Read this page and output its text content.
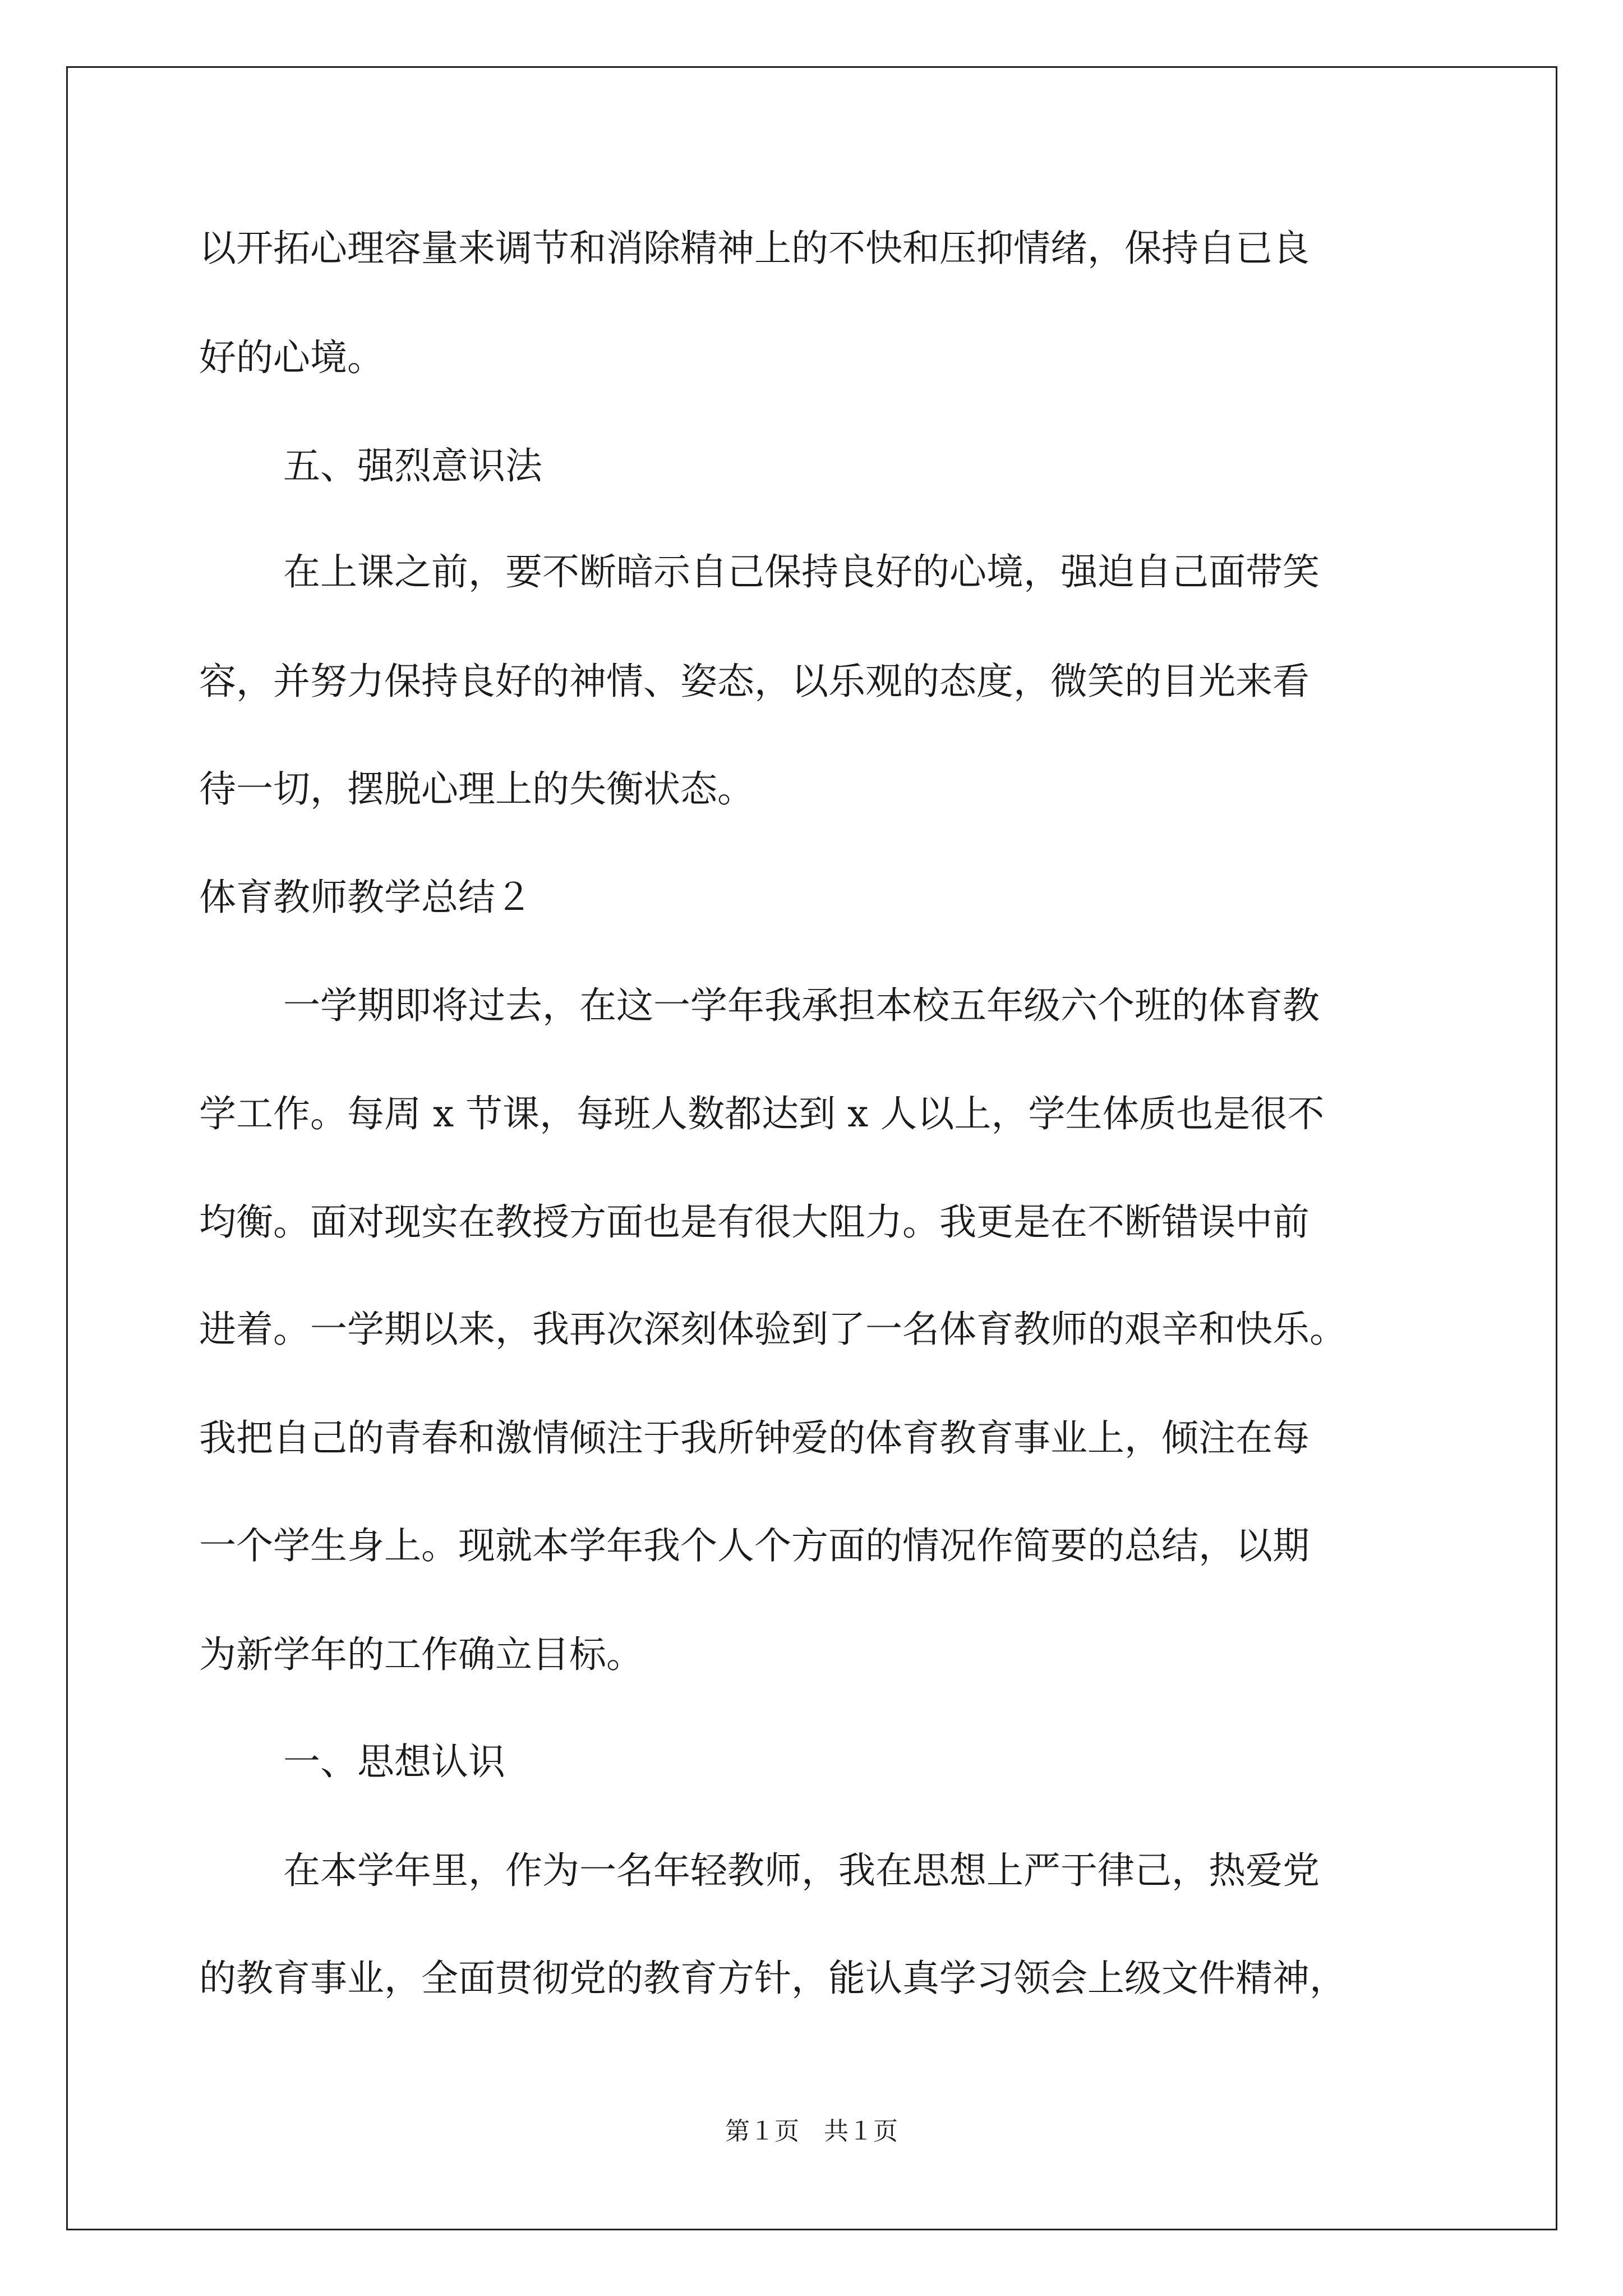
以开拓心理容量来调节和消除精神上的不快和压抑情绪，保持自已良
好的心境。
五、强烈意识法
在上课之前，要不断暗示自己保持良好的心境，强迫自己面带笑
容，并努力保持良好的神情、姿态，以乐观的态度，微笑的目光来看
待一切，摆脱心理上的失衡状态。
体育教师教学总结２
一学期即将过去，在这一学年我承担本校五年级六个班的体育教
学工作。每周 x 节课，每班人数都达到 x 人以上，学生体质也是很不
均衡。面对现实在教授方面也是有很大阻力。我更是在不断错误中前
进着。一学期以来，我再次深刻体验到了一名体育教师的艰辛和快乐。
我把自己的青春和激情倾注于我所钟爱的体育教育事业上，倾注在每
一个学生身上。现就本学年我个人个方面的情况作简要的总结，以期
为新学年的工作确立目标。
一、思想认识
在本学年里，作为一名年轻教师，我在思想上严于律己，热爱党
的教育事业，全面贯彻党的教育方针，能认真学习领会上级文件精神，
第１页　共１页
